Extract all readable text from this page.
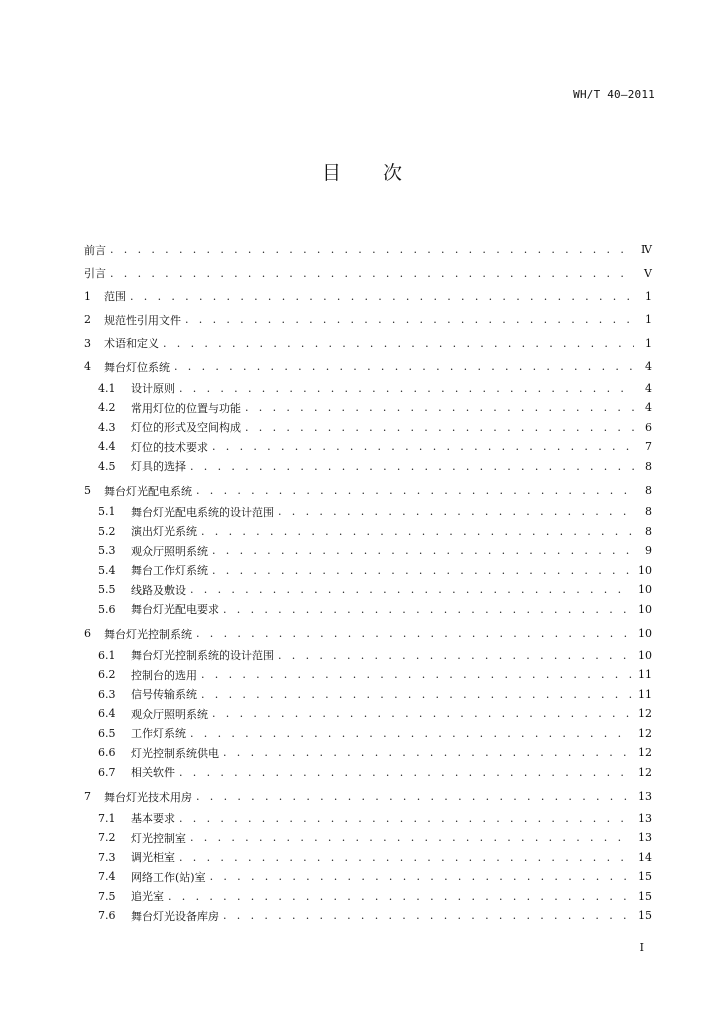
WH/T 40—2011
目 次
前言 . . .	Ⅳ
引言 . . .	Ⅴ
1	范围 . . .	1
2	规范性引用文件 . . .	1
3	术语和定义 . . .	1
4	舞台灯位系统 . . .	4
4.1	设计原则 . . .	4
4.2	常用灯位的位置与功能 . . .	4
4.3	灯位的形式及空间构成 . . .	6
4.4	灯位的技术要求 . . .	7
4.5	灯具的选择 . . .	8
5	舞台灯光配电系统 . . .	8
5.1	舞台灯光配电系统的设计范围 . . .	8
5.2	演出灯光系统 . . .	8
5.3	观众厅照明系统 . . .	9
5.4	舞台工作灯系统 . . .	10
5.5	线路及敷设 . . .	10
5.6	舞台灯光配电要求 . . .	10
6	舞台灯光控制系统 . . .	10
6.1	舞台灯光控制系统的设计范围 . . .	10
6.2	控制台的选用 . . .	11
6.3	信号传输系统 . . .	11
6.4	观众厅照明系统 . . .	12
6.5	工作灯系统 . . .	12
6.6	灯光控制系统供电 . . .	12
6.7	相关软件 . . .	12
7	舞台灯光技术用房 . . .	13
7.1	基本要求 . . .	13
7.2	灯光控制室 . . .	13
7.3	调光柜室 . . .	14
7.4	网络工作(站)室 . . .	15
7.5	追光室 . . .	15
7.6	舞台灯光设备库房 . . .	15
Ⅰ
